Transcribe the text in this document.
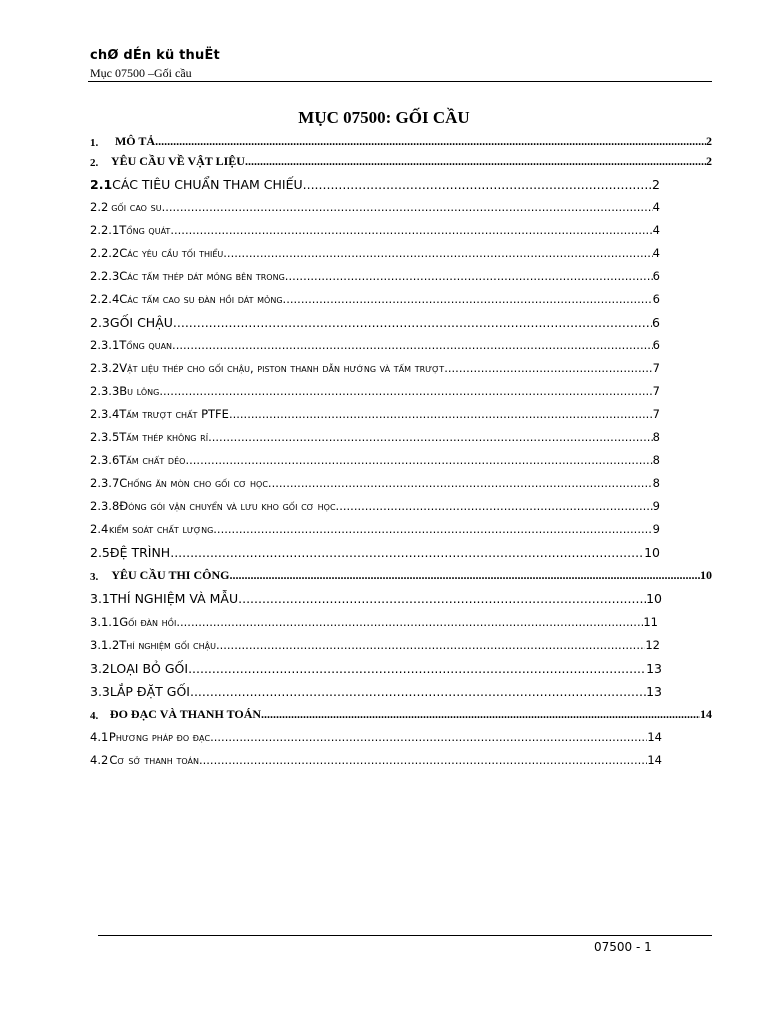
chØ dÉn kü thuËt
Mục 07500 –Gối cầu
MỤC 07500: GỐI CẦU
1.	MÔ TẢ .....	2
2.	YÊU CẦU VỀ VẬT LIỆU .....	2
2.1 CÁC TIÊU CHUẨN THAM CHIẾU .....	2
2.2 gối cao su .....	4
2.2.1 Tổng quát .....	4
2.2.2 Các yêu cầu tối thiểu .....	4
2.2.3 Các tấm thép dát mỏng bên trong .....	6
2.2.4 Các tấm cao su đàn hồi dát mỏng .....	6
2.3 GỐI CHẬU .....	6
2.3.1 Tổng quan .....	6
2.3.2 Vật liệu thép cho gối chậu, piston thanh dẫn hướng và tấm trượt .....	7
2.3.3 Bu lông .....	7
2.3.4 Tấm trượt chất PTFE .....	7
2.3.5 Tấm thép không rỉ .....	8
2.3.6 Tấm chất dẻo .....	8
2.3.7 Chống ăn mòn cho gối cơ học .....	8
2.3.8 Đóng gói vận chuyển và lưu kho gối cơ học .....	9
2.4 kiểm soát chất lượng .....	9
2.5 ĐỆ TRÌNH .....	10
3.	YÊU CẦU THI CÔNG .....	10
3.1 THÍ NGHIỆM VÀ MẪU .....	10
3.1.1 Gối đàn hồi .....	11
3.1.2 Thí nghiệm gối chậu .....	12
3.2 LOẠI BỎ GỐI .....	13
3.3 LẮP ĐẶT GỐI .....	13
4. ĐO ĐẠC VÀ THANH TOÁN .....	14
4.1 Phương pháp đo đạc .....	14
4.2 Cơ sở thanh toán .....	14
07500 - 1
